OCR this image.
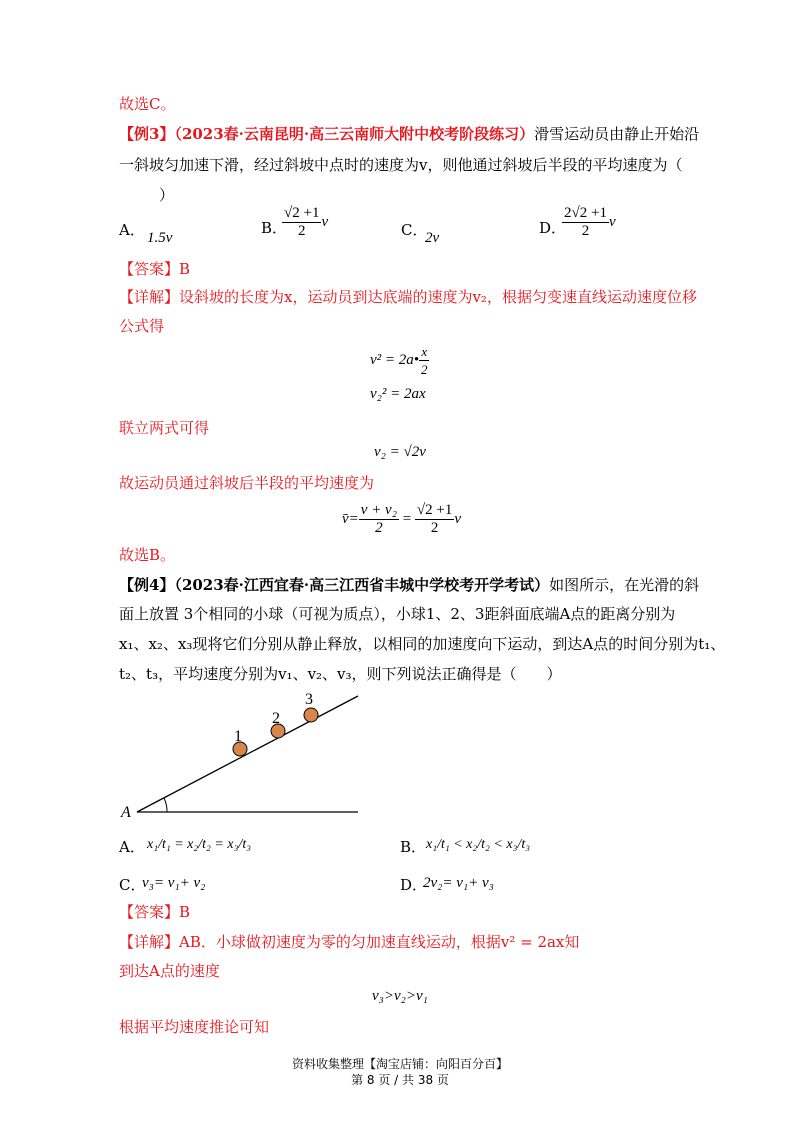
故选C。
【例3】（2023春·云南昆明·高三云南师大附中校考阶段练习）滑雪运动员由静止开始沿
一斜坡匀加速下滑，经过斜坡中点时的速度为v，则他通过斜坡后半段的平均速度为（
）
A． 1.5v
B．
$\frac{√2 +1}{2}$ v	C．
2v
D．
$\frac{2√2 +1}{2}$ v
【答案】B
【详解】设斜坡的长度为x，运动员到达底端的速度为v₂，根据匀变速直线运动速度位移
公式得
v² = 2a• $\frac{x}{2}$
v₂² = 2ax
联立两式可得
v₂ = √2v
故运动员通过斜坡后半段的平均速度为
v̄= $\frac{\text{v + v₂}}{2} = \frac{√2 +1}{2}$ v
故选B。
【例4】（2023春·江西宜春·高三江西省丰城中学校考开学考试）如图所示，在光滑的斜
面上放置 3个相同的小球（可视为质点），小球1、2、3距斜面底端A点的距离分别为
x₁、x₂、x₃现将它们分别从静止释放，以相同的加速度向下运动，到达A点的时间分别为t₁、
t₂、t₃，平均速度分别为v₁、v₂、v₃，则下列说法正确得是（　　）
A
1
2
3
A． x₁/t₁ = x₂/t₂ = x₃/t₃	B． x₁/t₁ < x₂/t₂ < x₃/t₃
C．
v₃= v₁+ v₂	D．
2v₂= v₁+ v₃
【答案】B
【详解】AB．小球做初速度为零的匀加速直线运动，根据v² = 2ax知
到达A点的速度
v₃>v₂>v₁
根据平均速度推论可知
资料收集整理【淘宝店铺：向阳百分百】
第 8 页 / 共 38 页
